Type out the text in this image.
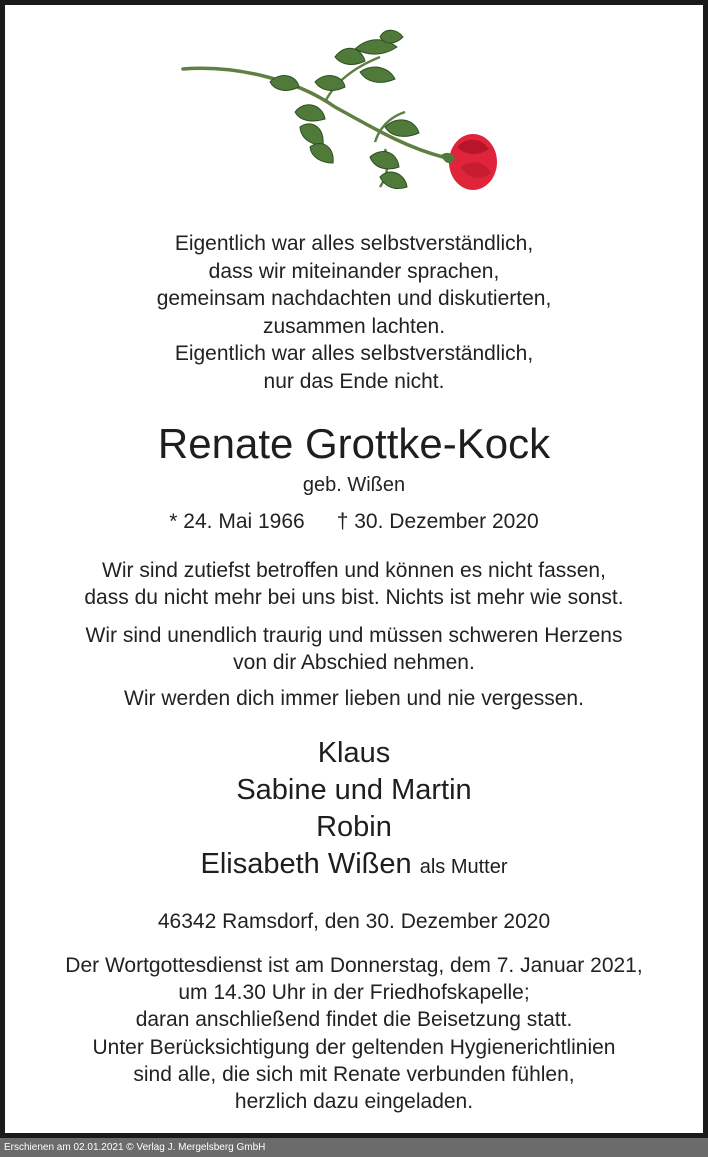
Eigentlich war alles selbstverständlich,
dass wir miteinander sprachen,
gemeinsam nachdachten und diskutierten,
zusammen lachten.
Eigentlich war alles selbstverständlich,
nur das Ende nicht.
Renate Grottke-Kock
geb. Wißen
* 24. Mai 1966 † 30. Dezember 2020
Wir sind zutiefst betroffen und können es nicht fassen,
dass du nicht mehr bei uns bist. Nichts ist mehr wie sonst.
Wir sind unendlich traurig und müssen schweren Herzens
von dir Abschied nehmen.
Wir werden dich immer lieben und nie vergessen.
Klaus
Sabine und Martin
Robin
Elisabeth Wißen als Mutter
46342 Ramsdorf, den 30. Dezember 2020
Der Wortgottesdienst ist am Donnerstag, dem 7. Januar 2021,
um 14.30 Uhr in der Friedhofskapelle;
daran anschließend findet die Beisetzung statt.
Unter Berücksichtigung der geltenden Hygienerichtlinien
sind alle, die sich mit Renate verbunden fühlen,
herzlich dazu eingeladen.
Erschienen am 02.01.2021 © Verlag J. Mergelsberg GmbH
